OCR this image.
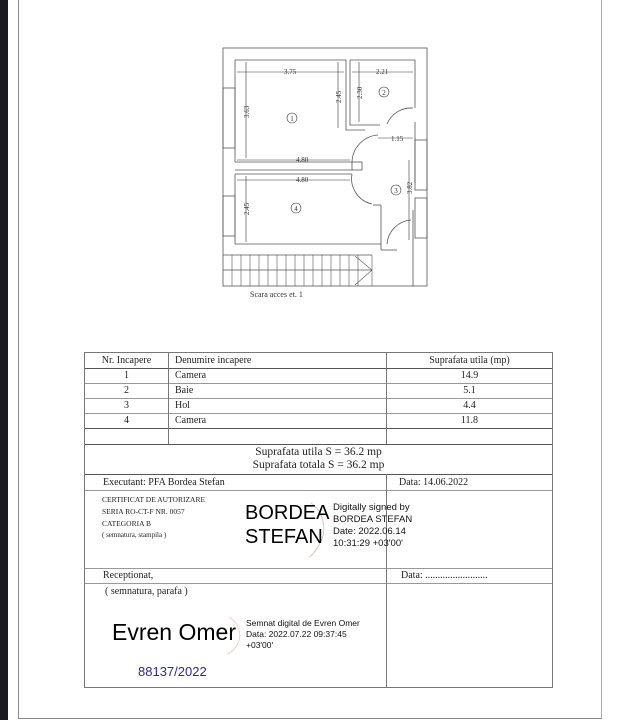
3.75	2.21
1.15
4.80
4.80
3.63
2.45 2.30
2.45
3.82
1
2
3
4
Scara acces et. 1
Nr. Incapere	Denumire incapere	Suprafata utila (mp)
1	Camera	14.9
2	Baie	5.1
3	Hol	4.4
4	Camera	11.8
Suprafata utila S = 36.2 mp
Suprafata totala S = 36.2 mp
Executant: PFA Bordea Stefan	Data: 14.06.2022
CERTIFICAT DE AUTORIZARE
SERIA RO-CT-F NR. 0057
CATEGORIA B
( semnatura, stampila )
BORDEA
STEFAN
Digitally signed by
BORDEA STEFAN
Date: 2022.06.14
10:31:29 +03'00'
Receptionat,	Data: .........................
( semnatura, parafa )
Evren Omer Semnat digital de Evren Omer
Data: 2022.07.22 09:37:45
+03'00'
88137/2022
